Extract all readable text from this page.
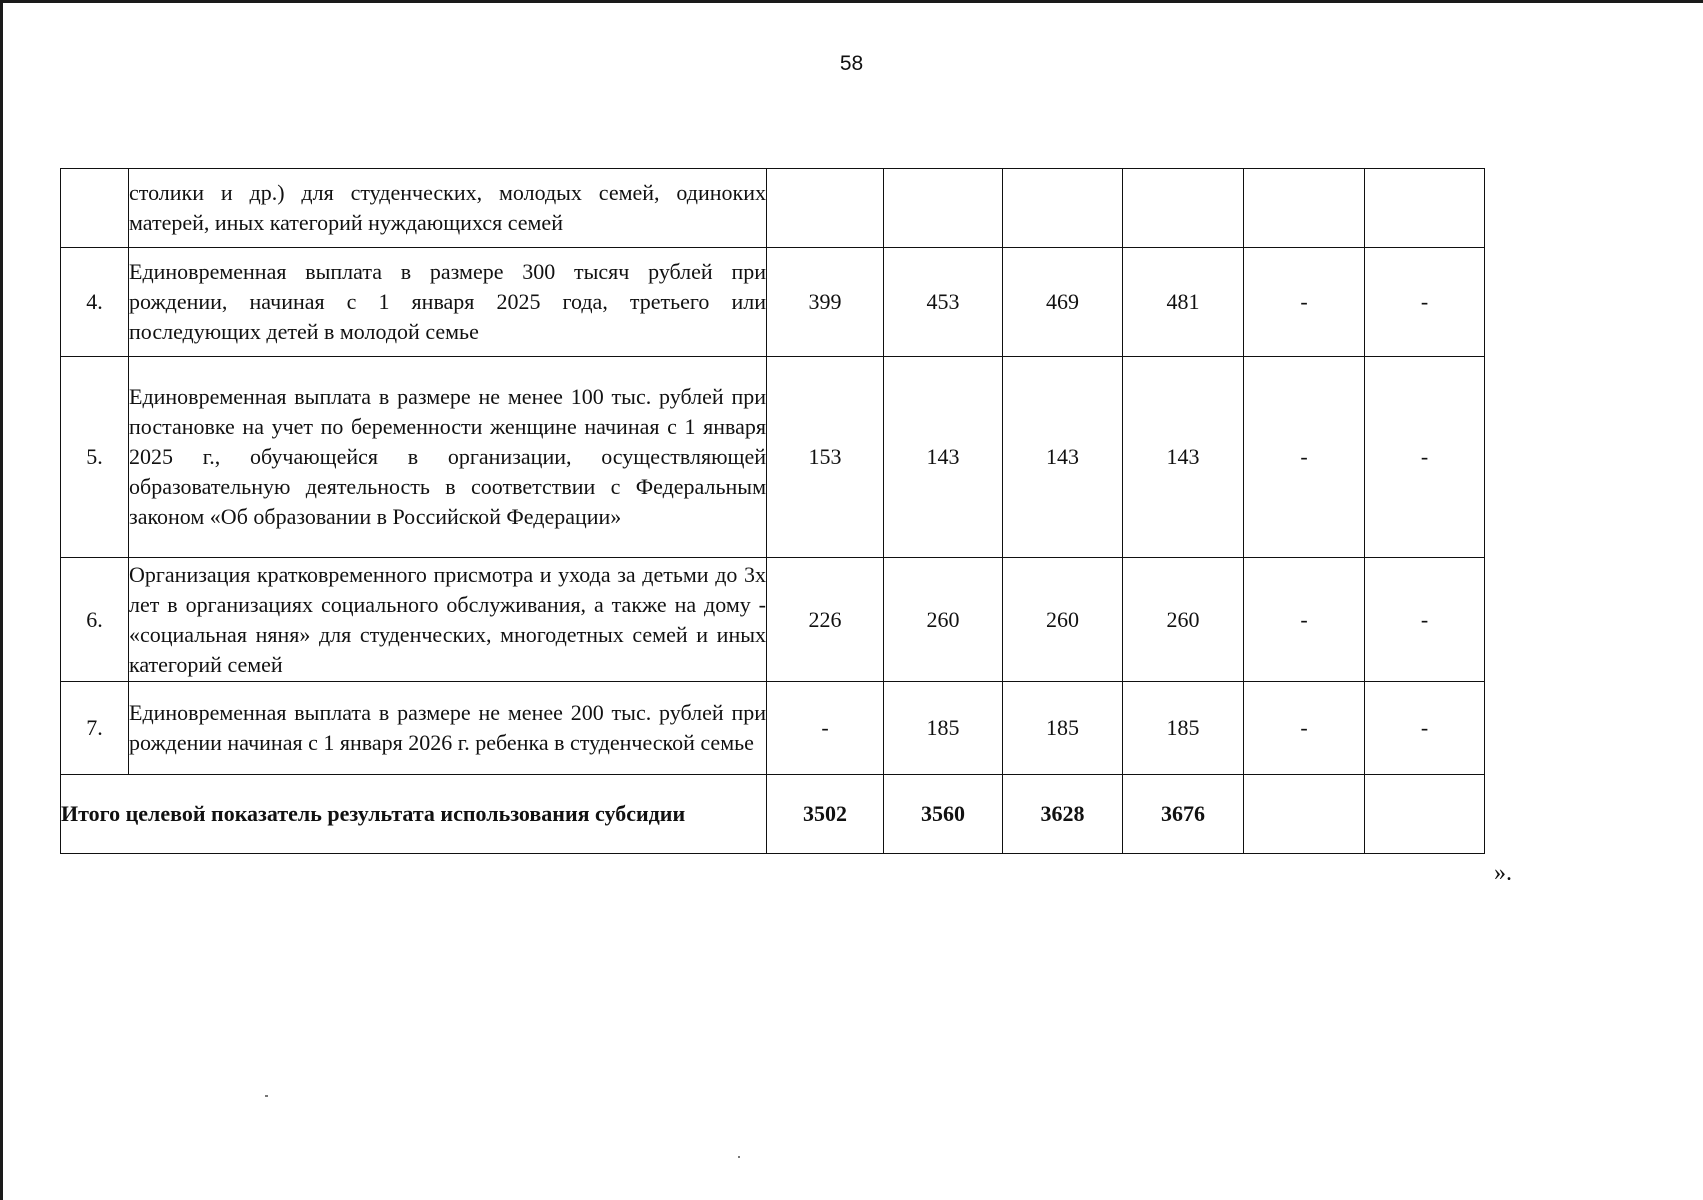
58
	столики и др.) для студенческих, молодых семей, одиноких матерей, иных категорий нуждающихся семей						
4.	Единовременная выплата в размере 300 тысяч рублей при рождении, начиная с 1 января 2025 года, третьего или последующих детей в молодой семье	399	453	469	481	-	-
5.	Единовременная выплата в размере не менее 100 тыс. рублей при постановке на учет по беременности женщине начиная с 1 января 2025 г., обучающейся в организации, осуществляющей образовательную деятельность в соответствии с Федеральным законом «Об образовании в Российской Федерации»	153	143	143	143	-	-
6.	Организация кратковременного присмотра и ухода за детьми до 3х лет в организациях социального обслуживания, а также на дому - «социальная няня» для студенческих, многодетных семей и иных категорий семей	226	260	260	260	-	-
7.	Единовременная выплата в размере не менее 200 тыс. рублей при рождении начиная с 1 января 2026 г. ребенка в студенческой семье	-	185	185	185	-	-
Итого целевой показатель результата использования субсидии		3502	3560	3628	3676		
».
